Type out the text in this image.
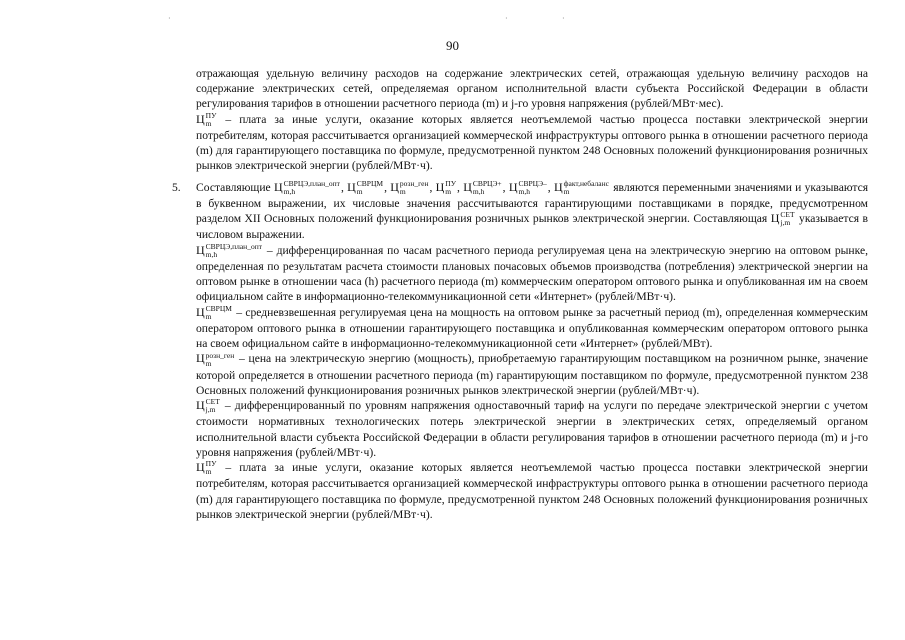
·	·	·
90

отражающая удельную величину расходов на содержание электрических сетей, отражающая удельную величину расходов на содержание электрических сетей, определяемая органом исполнительной власти субъекта Российской Федерации в области регулирования тарифов в отношении расчетного периода (m) и j-го уровня напряжения (рублей/МВт·мес).

Ц ПУ
m – плата за иные услуги, оказание которых является неотъемлемой частью процесса поставки электрической энергии потребителям, которая рассчитывается организацией коммерческой инфраструктуры оптового рынка в отношении расчетного периода (m) для гарантирующего поставщика по формуле, предусмотренной пунктом 248 Основных положений функционирования розничных рынков электрической энергии (рублей/МВт·ч).

5. Составляющие Ц СВРЦЭ,план_опт
m,h	, Ц СВРЦМ
m	, Ц розн_ген
m	, Ц ПУ
m , Ц СВРЦЭ+
m,h	, Ц СВРЦЭ–
m,h	, Ц факт,небаланс
m	являются переменными значениями и указываются в буквенном выражении, их числовые значения рассчитываются гарантирующими поставщиками в порядке, предусмотренном разделом XII Основных положений функционирования розничных рынков электрической энергии. Составляющая Ц СЕТ
j,m указывается в числовом выражении.

Ц СВРЦЭ,план_опт
m,h	– дифференцированная по часам расчетного периода регулируемая цена на электрическую энергию на оптовом рынке, определенная по результатам расчета стоимости плановых почасовых объемов производства (потребления) электрической энергии на оптовом рынке в отношении часа (h) расчетного периода (m) коммерческим оператором оптового рынка и опубликованная им на своем официальном сайте в информационно-телекоммуникационной сети «Интернет» (рублей/МВт·ч).

Ц СВРЦМ
m	– средневзвешенная регулируемая цена на мощность на оптовом рынке за расчетный период (m), определенная коммерческим оператором оптового рынка в отношении гарантирующего поставщика и опубликованная коммерческим оператором оптового рынка на своем официальном сайте в информационно-телекоммуникационной сети «Интернет» (рублей/МВт).

Ц розн_ген
m	– цена на электрическую энергию (мощность), приобретаемую гарантирующим поставщиком на розничном рынке, значение которой определяется в отношении расчетного периода (m) гарантирующим поставщиком по формуле, предусмотренной пунктом 238 Основных положений функционирования розничных рынков электрической энергии (рублей/МВт·ч).

Ц СЕТ
j,m – дифференцированный по уровням напряжения одноставочный тариф на услуги по передаче электрической энергии с учетом стоимости нормативных технологических потерь электрической энергии в электрических сетях, определяемый органом исполнительной власти субъекта Российской Федерации в области регулирования тарифов в отношении расчетного периода (m) и j-го уровня напряжения (рублей/МВт·ч).

Ц ПУ
m – плата за иные услуги, оказание которых является неотъемлемой частью процесса поставки электрической энергии потребителям, которая рассчитывается организацией коммерческой инфраструктуры оптового рынка в отношении расчетного периода (m) для гарантирующего поставщика по формуле, предусмотренной пунктом 248 Основных положений функционирования розничных рынков электрической энергии (рублей/МВт·ч).
